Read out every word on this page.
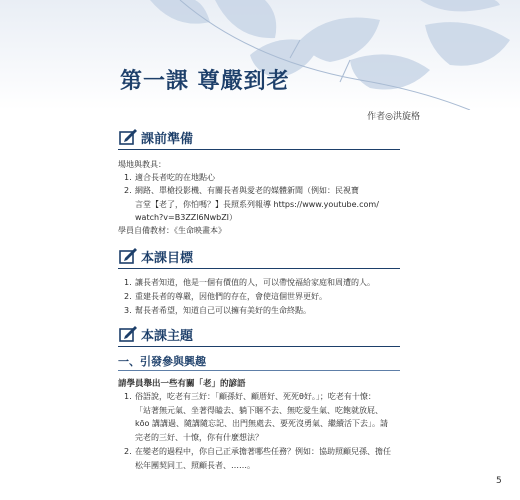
第一課 尊嚴到老
作者◎洪旋格
課前準備
場地與教具：
1. 適合長者吃的在地點心
2. 網路、單槍投影機、有關長者與愛老的媒體新聞（例如：民視寶
言堂【老了，你怕嗎？】長照系列報導 https://www.youtube.com/
watch?v=B3ZZl6NwbZI）
學員自備教材：《生命映畫本》
本課目標
1. 讓長者知道，他是一個有價值的人，可以帶悅福給家庭和周遭的人。
2. 重建長者的尊嚴，因他們的存在，會使這個世界更好。
3. 幫長者希望，知道自己可以擁有美好的生命終點。
本課主題
一、引發參與興趣
請學員舉出一些有關「老」的諺語
1. 俗語說，吃老有三好：「顧孫好、顧厝好、死死θ好。」；吃老有十憭：
「站著無元氣、坐著得瞌去、躺下睏不去、無吃愛生氣、吃飽就放屁、
kōo 講講過、隨講隨忘記、出門無處去、要死沒勇氣、繼續活下去」。請
完老的三好、十憭，你有什麼想法？
2. 在變老的過程中，你自己正承擔著哪些任務？例如：協助照顧兒孫、擔任
松年團契同工、照顧長者、……。
5
